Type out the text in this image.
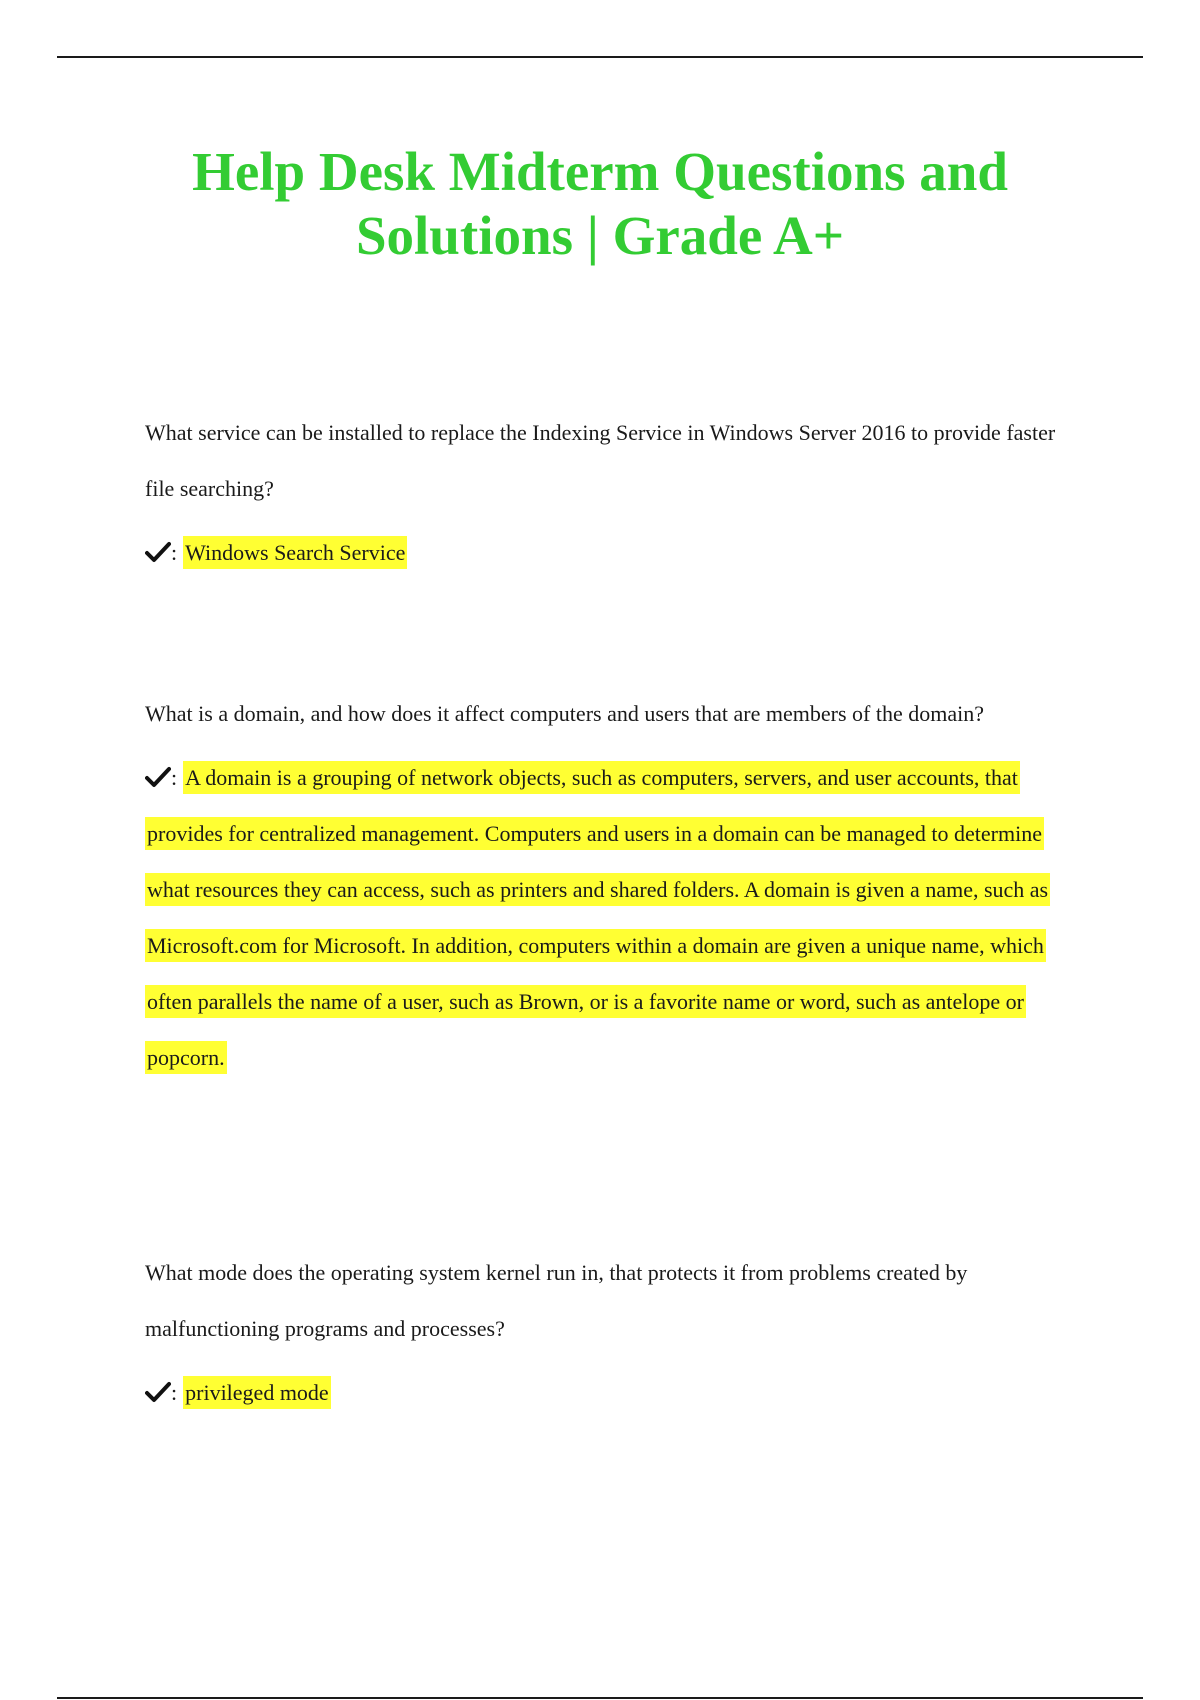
Help Desk Midterm Questions and
Solutions | Grade A+

What service can be installed to replace the Indexing Service in Windows Server 2016 to provide faster file searching?

: Windows Search Service

What is a domain, and how does it affect computers and users that are members of the domain?

: A domain is a grouping of network objects, such as computers, servers, and user accounts, that provides for centralized management. Computers and users in a domain can be managed to determine what resources they can access, such as printers and shared folders. A domain is given a name, such as Microsoft.com for Microsoft. In addition, computers within a domain are given a unique name, which often parallels the name of a user, such as Brown, or is a favorite name or word, such as antelope or popcorn.

What mode does the operating system kernel run in, that protects it from problems created by malfunctioning programs and processes?

: privileged mode
